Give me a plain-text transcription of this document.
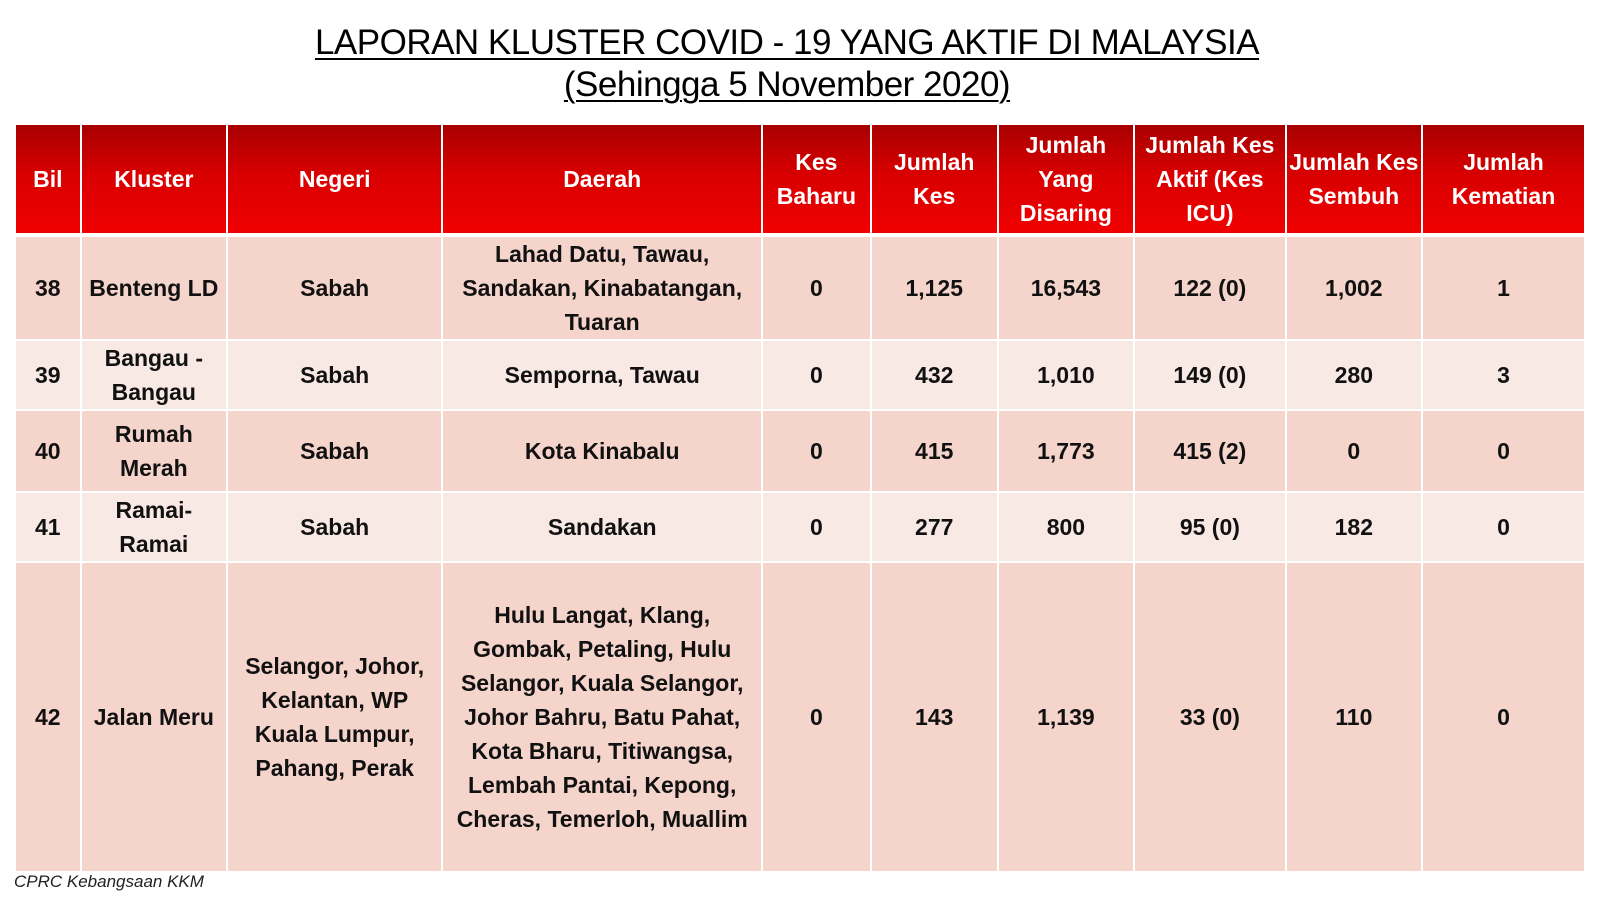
LAPORAN KLUSTER COVID - 19 YANG AKTIF DI MALAYSIA
(Sehingga 5 November 2020)
Bil	Kluster	Negeri	Daerah	Kes Baharu	Jumlah Kes	Jumlah Yang Disaring	Jumlah Kes Aktif (Kes ICU)	Jumlah Kes Sembuh	Jumlah Kematian
38	Benteng LD	Sabah	Lahad Datu, Tawau, Sandakan, Kinabatangan, Tuaran	0	1,125	16,543	122 (0)	1,002	1
39	Bangau - Bangau	Sabah	Semporna, Tawau	0	432	1,010	149 (0)	280	3
40	Rumah Merah	Sabah	Kota Kinabalu	0	415	1,773	415 (2)	0	0
41	Ramai-Ramai	Sabah	Sandakan	0	277	800	95 (0)	182	0
42	Jalan Meru	Selangor, Johor, Kelantan, WP Kuala Lumpur, Pahang, Perak	Hulu Langat, Klang, Gombak, Petaling, Hulu Selangor, Kuala Selangor, Johor Bahru, Batu Pahat, Kota Bharu, Titiwangsa, Lembah Pantai, Kepong, Cheras, Temerloh, Muallim	0	143	1,139	33 (0)	110	0
CPRC Kebangsaan KKM
